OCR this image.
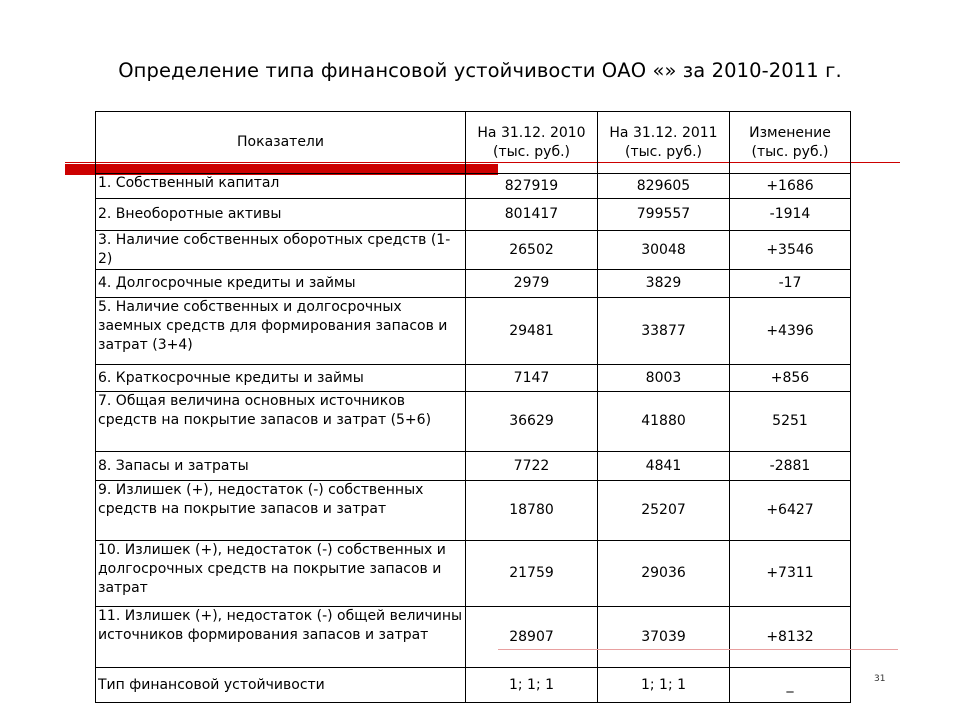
Определение типа финансовой устойчивости ОАО «» за 2010-2011 г.
Показатели	На 31.12. 2010 (тыс. руб.)	На 31.12. 2011 (тыс. руб.)	Изменение (тыс. руб.)
1. Собственный капитал	827919	829605	+1686
2. Внеоборотные активы	801417	799557	-1914
3. Наличие собственных оборотных средств (1-2)	26502	30048	+3546
4. Долгосрочные кредиты и займы	2979	3829	-17
5. Наличие собственных и долгосрочных заемных средств для формирования запасов и затрат (3+4)	29481	33877	+4396
6. Краткосрочные кредиты и займы	7147	8003	+856
7. Общая величина основных источников средств на покрытие запасов и затрат (5+6)	36629	41880	5251
8. Запасы и затраты	7722	4841	-2881
9. Излишек (+), недостаток (-) собственных средств на покрытие запасов и затрат	18780	25207	+6427
10. Излишек (+), недостаток (-) собственных и долгосрочных средств на покрытие запасов и затрат	21759	29036	+7311
11. Излишек (+), недостаток (-) общей величины источников формирования запасов и затрат	28907	37039	+8132
Тип финансовой устойчивости	1; 1; 1	1; 1; 1	_	31
